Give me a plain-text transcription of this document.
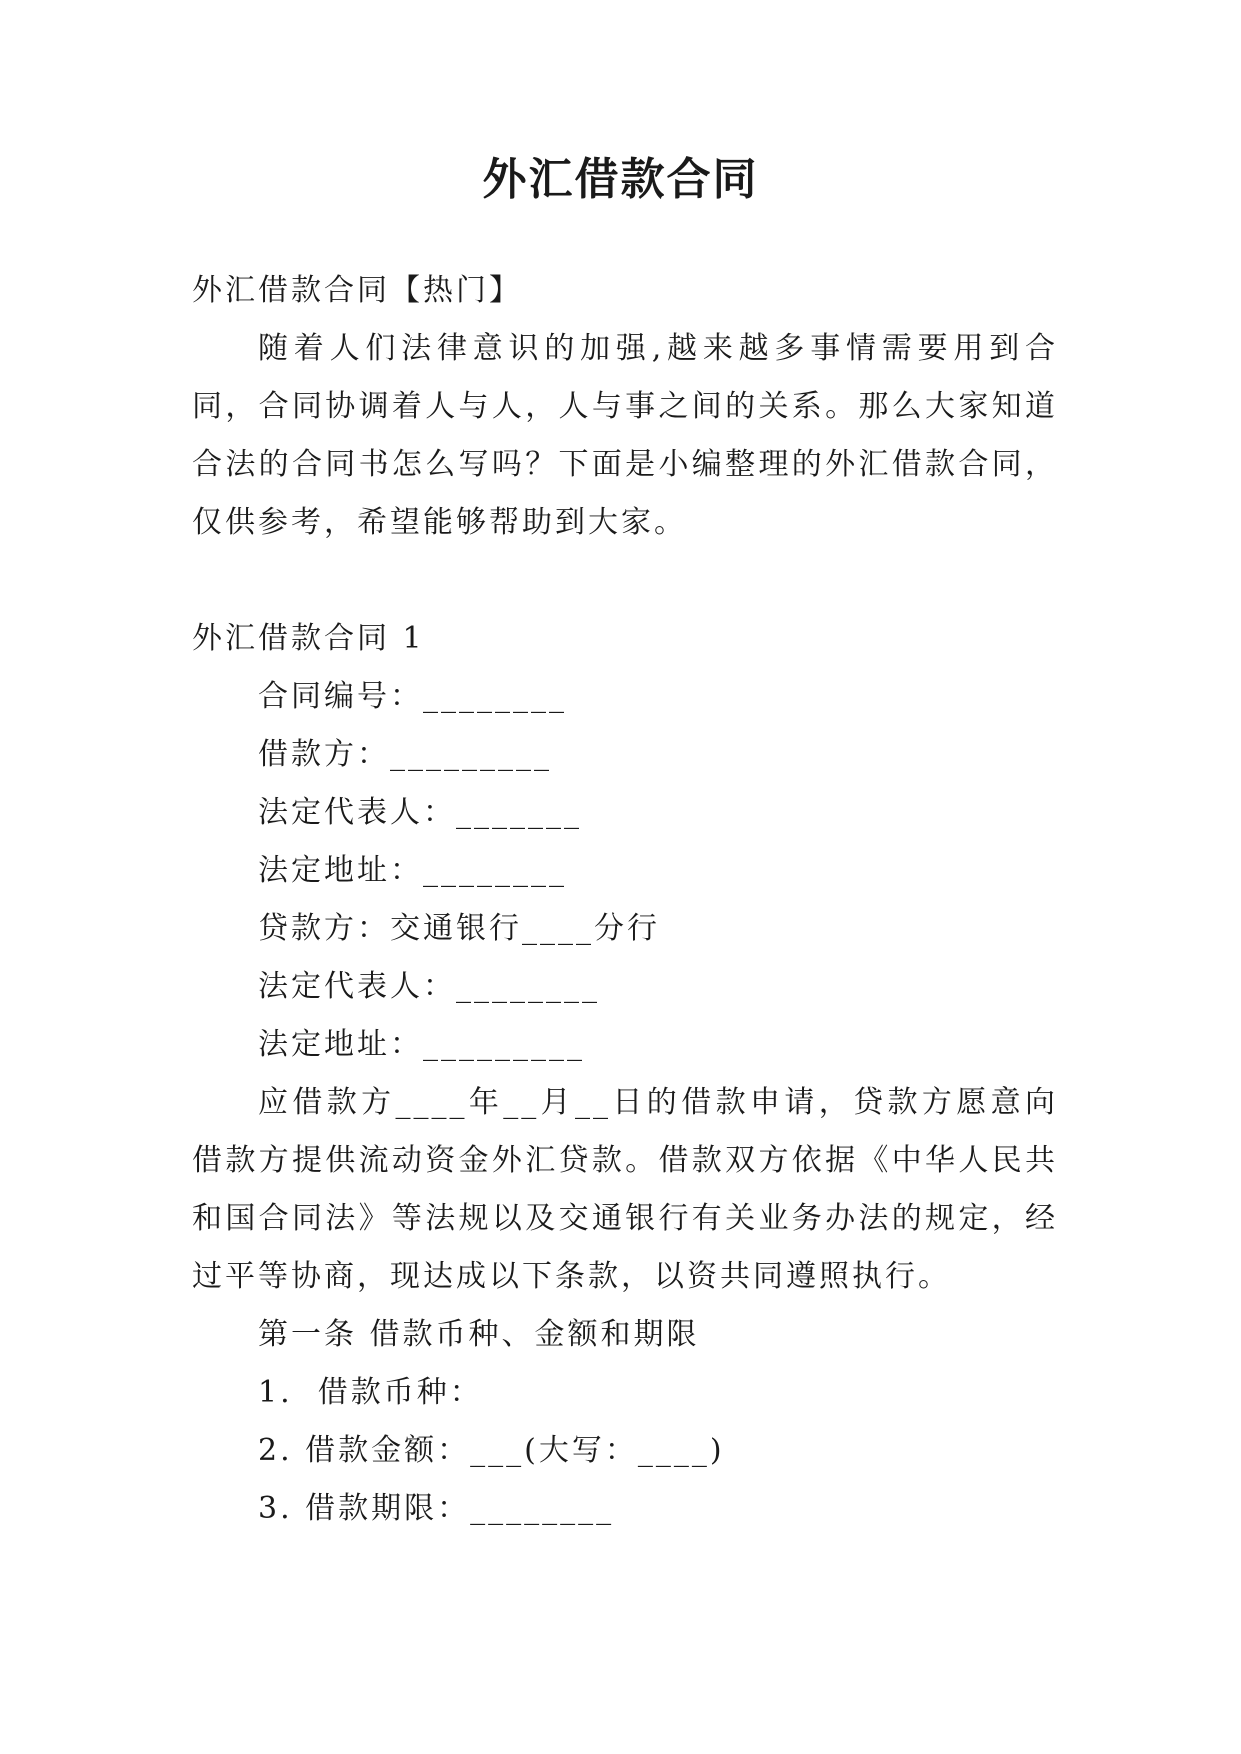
外汇借款合同

外汇借款合同【热门】

随着人们法律意识的加强,越来越多事情需要用到合同，合同协调着人与人，人与事之间的关系。那么大家知道合法的合同书怎么写吗？下面是小编整理的外汇借款合同，仅供参考，希望能够帮助到大家。

外汇借款合同 1

合同编号：________

借款方：_________

法定代表人：_______

法定地址：________

贷款方：交通银行____分行

法定代表人：________

法定地址：_________

应借款方____年__月__日的借款申请，贷款方愿意向借款方提供流动资金外汇贷款。借款双方依据《中华人民共和国合同法》等法规以及交通银行有关业务办法的规定，经过平等协商，现达成以下条款，以资共同遵照执行。

第一条 借款币种、金额和期限

1.  借款币种：

2. 借款金额：___(大写：____)

3. 借款期限：________
